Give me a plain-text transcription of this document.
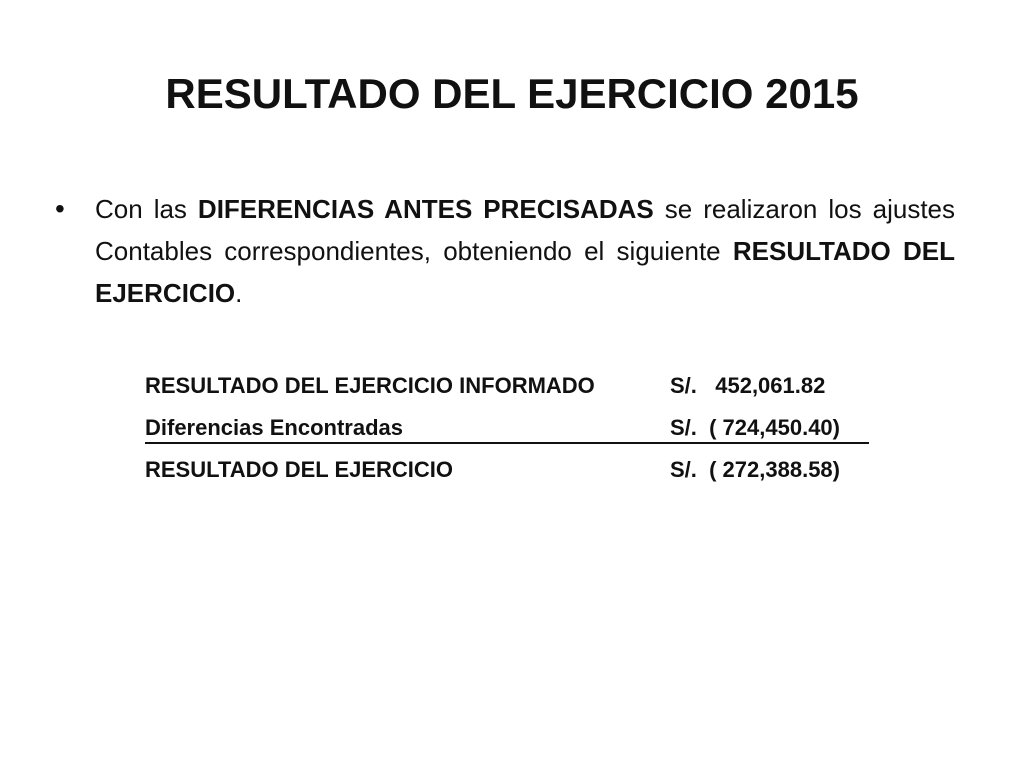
RESULTADO DEL EJERCICIO 2015
• Con las DIFERENCIAS ANTES PRECISADAS se realizaron los ajustes Contables correspondientes, obteniendo el siguiente RESULTADO DEL EJERCICIO.
RESULTADO DEL EJERCICIO INFORMADO	S/.   452,061.82
Diferencias Encontradas	S/.  ( 724,450.40)
RESULTADO DEL EJERCICIO	S/.  ( 272,388.58)
